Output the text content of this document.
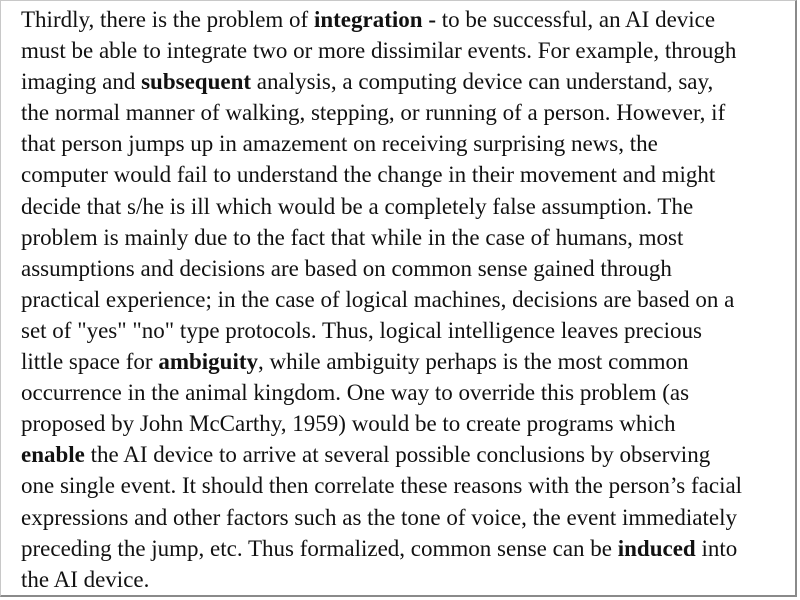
Thirdly, there is the problem of integration - to be successful, an AI device
must be able to integrate two or more dissimilar events. For example, through
imaging and subsequent analysis, a computing device can understand, say,
the normal manner of walking, stepping, or running of a person. However, if
that person jumps up in amazement on receiving surprising news, the
computer would fail to understand the change in their movement and might
decide that s/he is ill which would be a completely false assumption. The
problem is mainly due to the fact that while in the case of humans, most
assumptions and decisions are based on common sense gained through
practical experience; in the case of logical machines, decisions are based on a
set of "yes" "no" type protocols. Thus, logical intelligence leaves precious
little space for ambiguity, while ambiguity perhaps is the most common
occurrence in the animal kingdom. One way to override this problem (as
proposed by John McCarthy, 1959) would be to create programs which
enable the AI device to arrive at several possible conclusions by observing
one single event. It should then correlate these reasons with the person’s facial
expressions and other factors such as the tone of voice, the event immediately
preceding the jump, etc. Thus formalized, common sense can be induced into
the AI device.
